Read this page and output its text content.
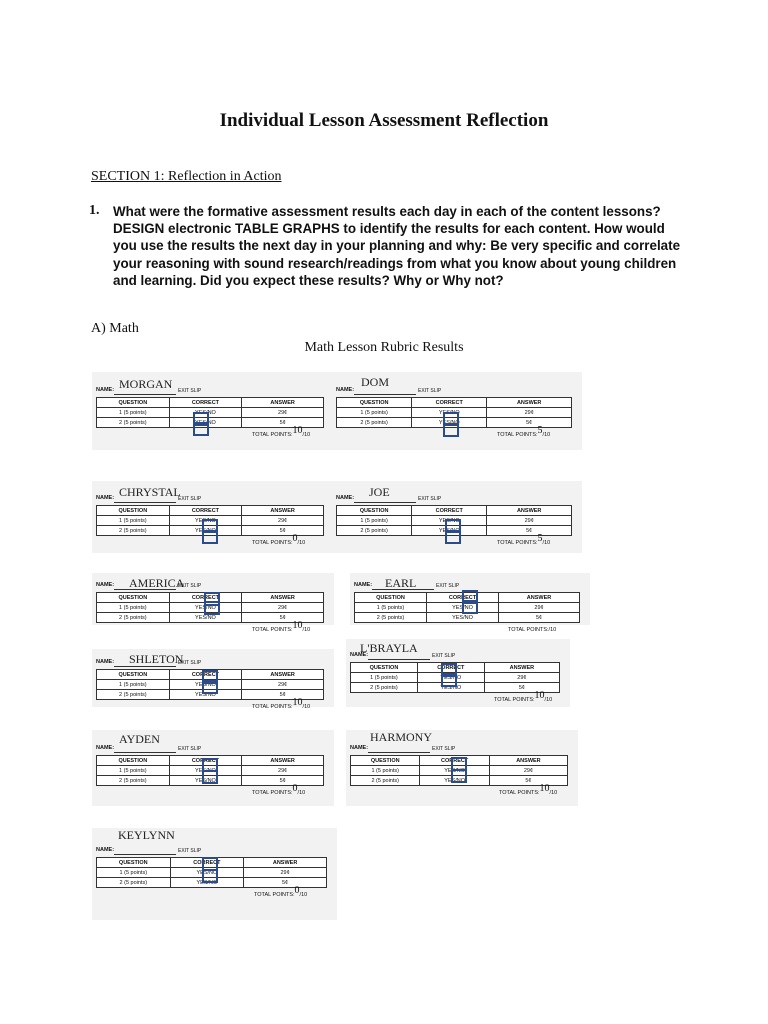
Individual Lesson Assessment Reflection
SECTION 1: Reflection in Action
1. What were the formative assessment results each day in each of the content lessons? DESIGN electronic TABLE GRAPHS to identify the results for each content. How would you use the results the next day in your planning and why: Be very specific and correlate your reasoning with sound research/readings from what you know about young children and learning. Did you expect these results? Why or Why not?
A) Math
Math Lesson Rubric Results
MORGAN
NAME:	EXIT SLIP
QUESTION	CORRECT	ANSWER
1 (5 points)	YES/NO	29¢
2 (5 points)	YES/NO	5¢
TOTAL POINTS:10/10
DOM
NAME:	EXIT SLIP
QUESTION	CORRECT	ANSWER
1 (5 points)	YES/NO	29¢
2 (5 points)	YES/NO	5¢
TOTAL POINTS:5/10
CHRYSTAL
NAME:	EXIT SLIP
QUESTION	CORRECT	ANSWER
1 (5 points)	YES/NO	29¢
2 (5 points)	YES/NO	5¢
TOTAL POINTS:0/10
JOE
NAME:	EXIT SLIP
QUESTION	CORRECT	ANSWER
1 (5 points)	YES/NO	29¢
2 (5 points)	YES/NO	5¢
TOTAL POINTS:5/10
AMERICA
NAME:	EXIT SLIP
QUESTION	CORRECT	ANSWER
1 (5 points)	YES/NO	29¢
2 (5 points)	YES/NO	5¢
TOTAL POINTS:10/10
EARL
NAME:	EXIT SLIP
QUESTION	CORRECT	ANSWER
1 (5 points)	YES/NO	29¢
2 (5 points)	YES/NO	5¢
TOTAL POINTS:/10
SHLETON
NAME:	EXIT SLIP
QUESTION	CORRECT	ANSWER
1 (5 points)	YES/NO	29¢
2 (5 points)	YES/NO	5¢
TOTAL POINTS:10/10
L'BRAYLA
NAME:	EXIT SLIP
QUESTION	CORRECT	ANSWER
1 (5 points)	YES/NO	29¢
2 (5 points)	YES/NO	5¢
TOTAL POINTS:10/10
AYDEN
NAME:	EXIT SLIP
QUESTION	CORRECT	ANSWER
1 (5 points)	YES/NO	29¢
2 (5 points)	YES/NO	5¢
TOTAL POINTS:0/10
HARMONY
NAME:	EXIT SLIP
QUESTION	CORRECT	ANSWER
1 (5 points)	YES/NO	29¢
2 (5 points)	YES/NO	5¢
TOTAL POINTS:10/10
KEYLYNN
NAME:	EXIT SLIP
QUESTION	CORRECT	ANSWER
1 (5 points)	YES/NO	29¢
2 (5 points)	YES/NO	5¢
TOTAL POINTS:0/10
